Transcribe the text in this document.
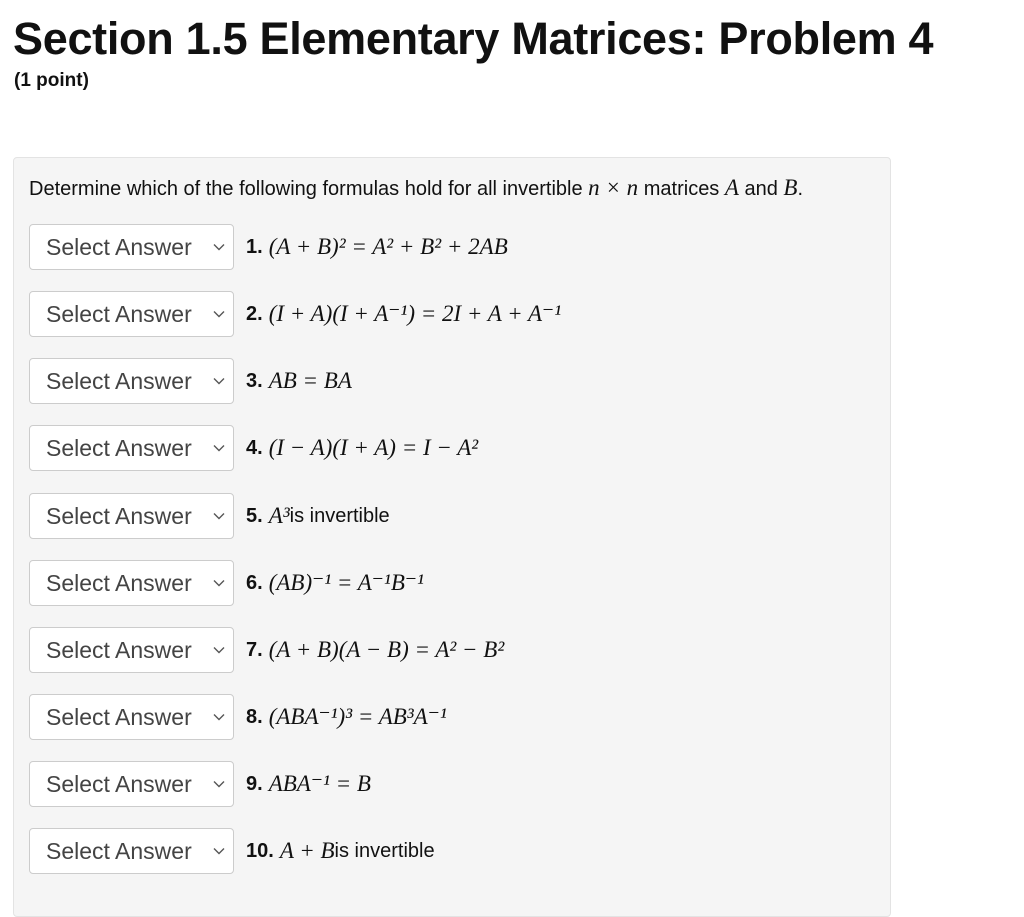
Section 1.5 Elementary Matrices: Problem 4
(1 point)
Determine which of the following formulas hold for all invertible n × n matrices A and B.
Select Answer	1. (A + B)² = A² + B² + 2AB
Select Answer	2. (I + A)(I + A⁻¹) = 2I + A + A⁻¹
Select Answer	3. AB = BA
Select Answer	4. (I − A)(I + A) = I − A²
Select Answer	5. A³ is invertible
Select Answer	6. (AB)⁻¹ = A⁻¹B⁻¹
Select Answer	7. (A + B)(A − B) = A² − B²
Select Answer	8. (ABA⁻¹)³ = AB³A⁻¹
Select Answer	9. ABA⁻¹ = B
Select Answer	10. A + B is invertible
